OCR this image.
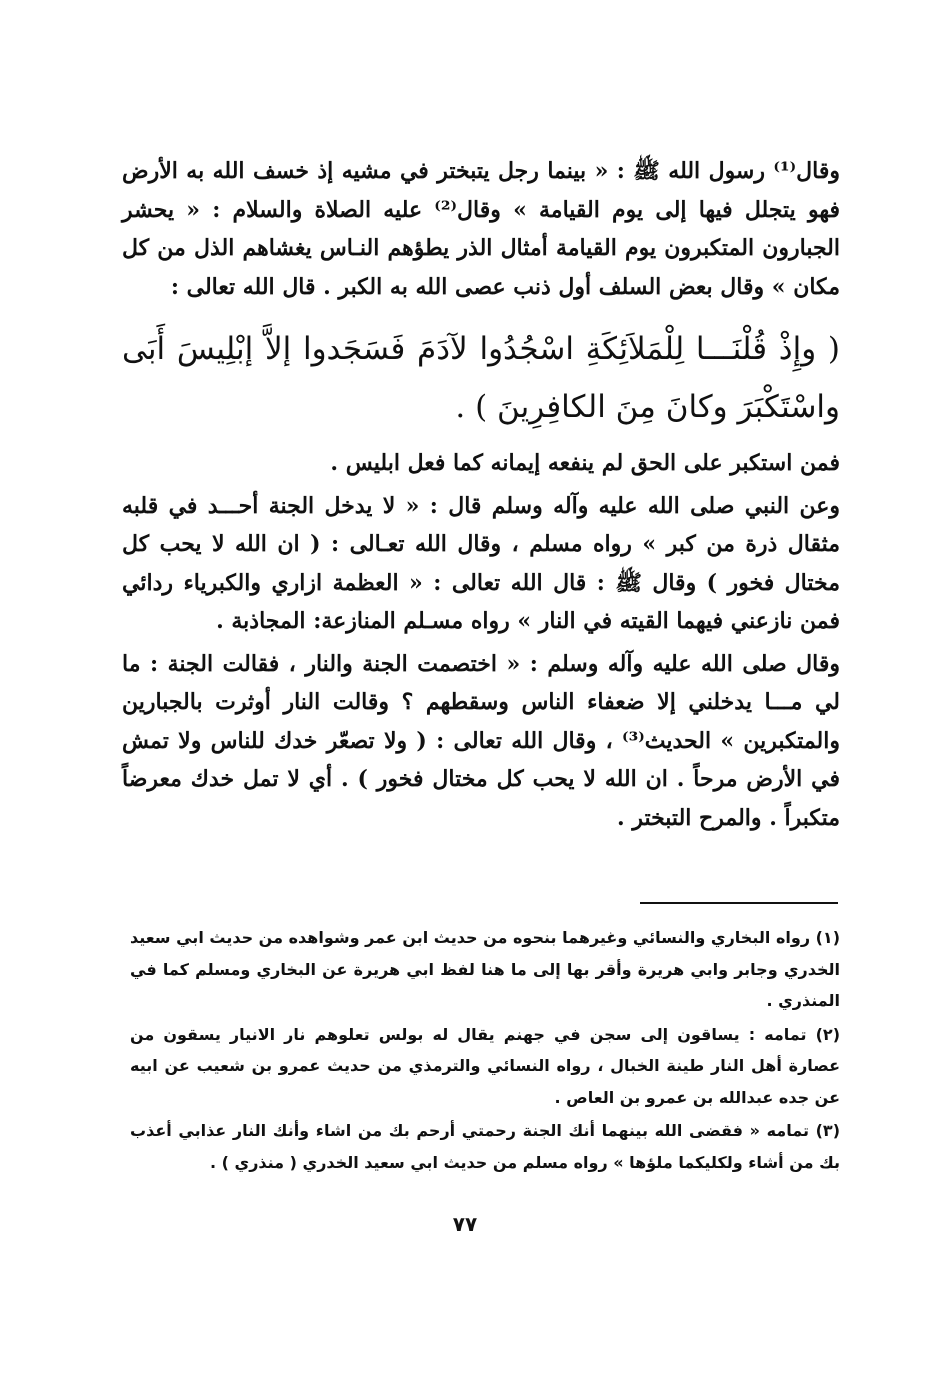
وقال⁽¹⁾ رسول الله ﷺ : « بينما رجل يتبختر في مشيه إذ خسف الله به الأرض فهو يتجلل فيها إلى يوم القيامة » وقال⁽²⁾ عليه الصلاة والسلام : « يحشر الجبارون المتكبرون يوم القيامة أمثال الذر يطؤهم النـاس يغشاهم الذل من كل مكان » وقال بعض السلف أول ذنب عصى الله به الكبر . قال الله تعالى :

( وإِذْ قُلْنَـــا لِلْمَلاَئِكَةِ اسْجُدُوا لآدَمَ فَسَجَدوا إلاَّ إبْلِيسَ أَبَى واسْتَكْبَرَ وكانَ مِنَ الكافِرِينَ ) .

فمن استكبر على الحق لم ينفعه إيمانه كما فعل ابليس .

وعن النبي صلى الله عليه وآله وسلم قال : « لا يدخل الجنة أحـــد في قلبه مثقال ذرة من كبر » رواه مسلم ، وقال الله تعـالى : ( ان الله لا يحب كل مختال فخور ) وقال ﷺ : قال الله تعالى : « العظمة ازاري والكبرياء ردائي فمن نازعني فيهما القيته في النار » رواه مسـلم المنازعة: المجاذبة .

وقال صلى الله عليه وآله وسلم : « اختصمت الجنة والنار ، فقالت الجنة : ما لي مـــا يدخلني إلا ضعفاء الناس وسقطهم ؟ وقالت النار أوثرت بالجبارين والمتكبرين » الحديث⁽³⁾ ، وقال الله تعالى : ( ولا تصعّر خدك للناس ولا تمش في الأرض مرحاً . ان الله لا يحب كل مختال فخور ) . أي لا تمل خدك معرضاً متكبراً . والمرح التبختر .

(١) رواه البخاري والنسائي وغيرهما بنحوه من حديث ابن عمر وشواهده من حديث ابي سعيد الخدري وجابر وابي هريرة وأقر بها إلى ما هنا لفظ ابي هريرة عن البخاري ومسلم كما في المنذري .

(٢) تمامه : يساقون إلى سجن في جهنم يقال له بولس تعلوهم نار الانيار يسقون من عصارة أهل النار طينة الخبال ، رواه النسائي والترمذي من حديث عمرو بن شعيب عن ابيه عن جده عبدالله بن عمرو بن العاص .

(٣) تمامه « فقضى الله بينهما أنك الجنة رحمتي أرحم بك من اشاء وأنك النار عذابي أعذب بك من أشاء ولكليكما ملؤها » رواه مسلم من حديث ابي سعيد الخدري ( منذري ) .

٧٧
